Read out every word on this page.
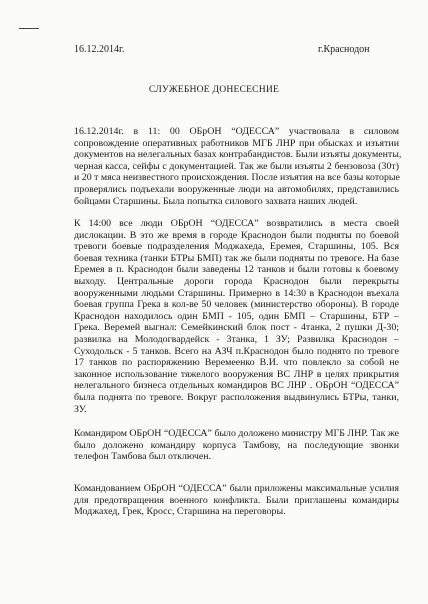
16.12.2014г.	г.Краснодон
СЛУЖЕБНОЕ ДОНЕСЕСНИЕ
16.12.2014г. в 11: 00 ОБрОН “ОДЕССА” участвовала в силовом
сопровождение оперативных работников МГБ ЛНР при обысках и изъятии
документов на нелегальных базах контрабандистов. Были изъяты документы,
черная касса, сейфы с документацией. Так же были изъяты 2 бензовоза (30т)
и 20 т мяса неизвестного происхождения. После изъятия на все базы которые
проверялись подъехали вооруженные люди на автомобилях, представились
бойцами Старшины. Была попытка силового захвата наших людей.
К 14:00 все люди ОБрОН “ОДЕССА” возвратились в места своей
дислокации. В это же время в городе Краснодон были подняты по боевой
тревоги боевые подразделения Моджахеда, Еремея, Старшины, 105. Вся
боевая техника (танки БТРы БМП) так же были подняты по тревоге. На базе
Еремея в п. Краснодон были заведены 12 танков и были готовы к боевому
выходу. Центральные дороги города Краснодон были перекрыты
вооруженными людьми Старшины. Примерно в 14:30 в Краснодон въехала
боевая группа Грека в кол-ве 50 человек (министерство обороны). В городе
Краснодон находилось один БМП - 105, один БМП – Старшины, БТР –
Грека. Веремей выгнал: Семейкинский блок пост - 4танка, 2 пушки Д-30;
развилка на Молодогвардейск - 3танка, 1 ЗУ; Развилка Краснодон –
Суходольск - 5 танков. Всего на АЗЧ п.Краснодон было поднято по тревоге
17 танков по распоряжению Веремеенко В.И. что повлекло за собой не
законное использование тяжелого вооружения ВС ЛНР в целях прикрытия
нелегального бизнеса отдельных командиров ВС ЛНР . ОБрОН “ОДЕССА”
была поднята по тревоге. Вокруг расположения выдвинулись БТРы, танки,
ЗУ.
Командиром ОБрОН “ОДЕССА” было доложено министру МГБ ЛНР. Так же
было доложено командиру корпуса Тамбову, на последующие звонки
телефон Тамбова был отключен.
Командованием ОБрОН “ОДЕССА” были приложены максимальные усилия
для предотвращения военного конфликта. Были приглашены командиры
Моджахед, Грек, Кросс, Старшина на переговоры.
